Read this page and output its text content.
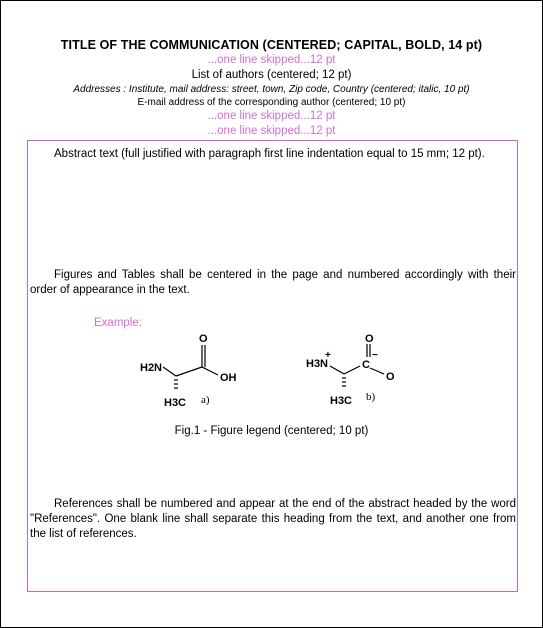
TITLE OF THE COMMUNICATION (CENTERED; CAPITAL, BOLD, 14 pt)
...one line skipped...12 pt
List of authors (centered; 12 pt)
Addresses : Institute, mail address: street, town, Zip code, Country (centered; italic, 10 pt)
E-mail address of the corresponding author (centered; 10 pt)
...one line skipped...12 pt
...one line skipped...12 pt
Abstract text (full justified with paragraph first line indentation equal to 15 mm; 12 pt).
Figures and Tables shall be centered in the page and numbered accordingly with their order of appearance in the text.
Example:
H2N
O
OH
H3C a)
H3N
+
C
−
O
O
H3C b)
Fig.1 - Figure legend (centered; 10 pt)
References shall be numbered and appear at the end of the abstract headed by the word "References". One blank line shall separate this heading from the text, and another one from the list of references.
